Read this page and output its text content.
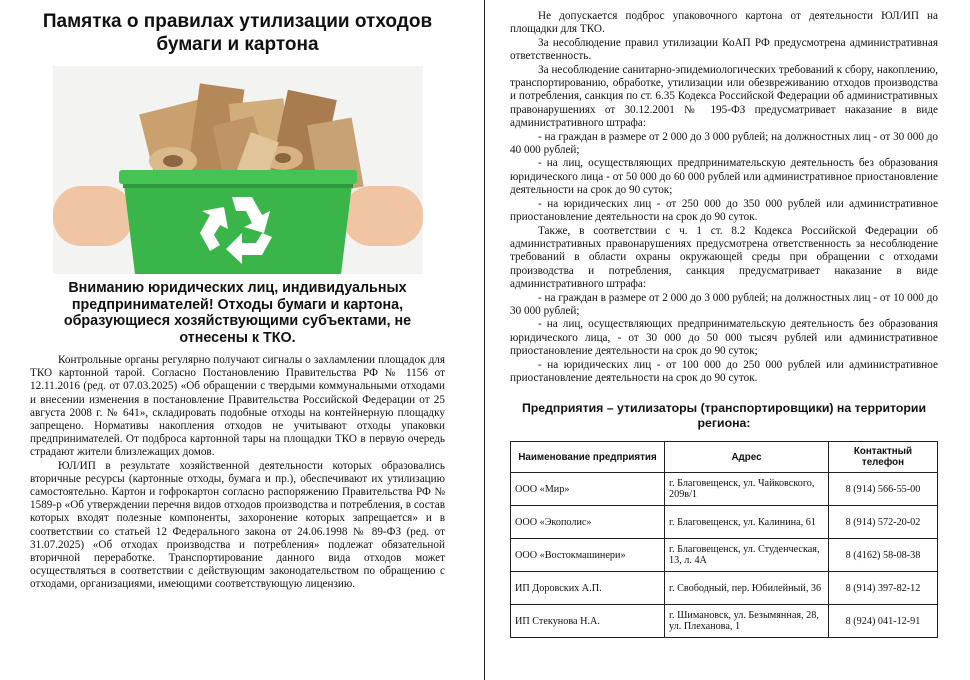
Памятка о правилах утилизации отходов бумаги и картона
Вниманию юридических лиц, индивидуальных предпринимателей! Отходы бумаги и картона, образующиеся хозяйствующими субъектами, не отнесены к ТКО.

Контрольные органы регулярно получают сигналы о захламлении площадок для ТКО картонной тарой. Согласно Постановлению Правительства РФ № 1156 от 12.11.2016 (ред. от 07.03.2025) «Об обращении с твердыми коммунальными отходами и внесении изменения в постановление Правительства Российской Федерации от 25 августа 2008 г. № 641», складировать подобные отходы на контейнерную площадку запрещено. Нормативы накопления отходов не учитывают отходы упаковки предпринимателей. От подброса картонной тары на площадки ТКО в первую очередь страдают жители близлежащих домов.

ЮЛ/ИП в результате хозяйственной деятельности которых образовались вторичные ресурсы (картонные отходы, бумага и пр.), обеспечивают их утилизацию самостоятельно. Картон и гофрокартон согласно распоряжению Правительства РФ № 1589-р «Об утверждении перечня видов отходов производства и потребления, в состав которых входят полезные компоненты, захоронение которых запрещается» и в соответствии со статьей 12 Федерального закона от 24.06.1998 № 89-ФЗ (ред. от 31.07.2025) «Об отходах производства и потребления» подлежат обязательной вторичной переработке. Транспортирование данного вида отходов может осуществляться в соответствии с действующим законодательством по обращению с отходами, организациями, имеющими соответствующую лицензию.

Не допускается подброс упаковочного картона от деятельности ЮЛ/ИП на площадки для ТКО.

За несоблюдение правил утилизации КоАП РФ предусмотрена административная ответственность.

За несоблюдение санитарно-эпидемиологических требований к сбору, накоплению, транспортированию, обработке, утилизации или обезвреживанию отходов производства и потребления, санкция по ст. 6.35 Кодекса Российской Федерации об административных правонарушениях от 30.12.2001 № 195-ФЗ предусматривает наказание в виде административного штрафа:

- на граждан в размере от 2 000 до 3 000 рублей; на должностных лиц - от 30 000 до 40 000 рублей;

- на лиц, осуществляющих предпринимательскую деятельность без образования юридического лица - от 50 000 до 60 000 рублей или административное приостановление деятельности на срок до 90 суток;

- на юридических лиц - от 250 000 до 350 000 рублей или административное приостановление деятельности на срок до 90 суток.

Также, в соответствии с ч. 1 ст. 8.2 Кодекса Российской Федерации об административных правонарушениях предусмотрена ответственность за несоблюдение требований в области охраны окружающей среды при обращении с отходами производства и потребления, санкция предусматривает наказание в виде административного штрафа:

- на граждан в размере от 2 000 до 3 000 рублей; на должностных лиц - от 10 000 до 30 000 рублей;

- на лиц, осуществляющих предпринимательскую деятельность без образования юридического лица, - от 30 000 до 50 000 тысяч рублей или административное приостановление деятельности на срок до 90 суток;

- на юридических лиц - от 100 000 до 250 000 рублей или административное приостановление деятельности на срок до 90 суток.

Предприятия – утилизаторы (транспортировщики) на территории региона:
Наименование предприятия	Адрес	Контактный телефон
ООО «Мир»	г. Благовещенск, ул. Чайковского, 209в/1	8 (914) 566-55-00
ООО «Экополис»	г. Благовещенск, ул. Калинина, 61	8 (914) 572-20-02
ООО «Востокмашинери»	г. Благовещенск, ул. Студенческая, 13, л. 4А	8 (4162) 58-08-38
ИП Доровских А.П.	г. Свободный, пер. Юбилейный, 36	8 (914) 397-82-12
ИП Стекунова Н.А.	г. Шимановск, ул. Безымянная, 28, ул. Плеханова, 1	8 (924) 041-12-91
